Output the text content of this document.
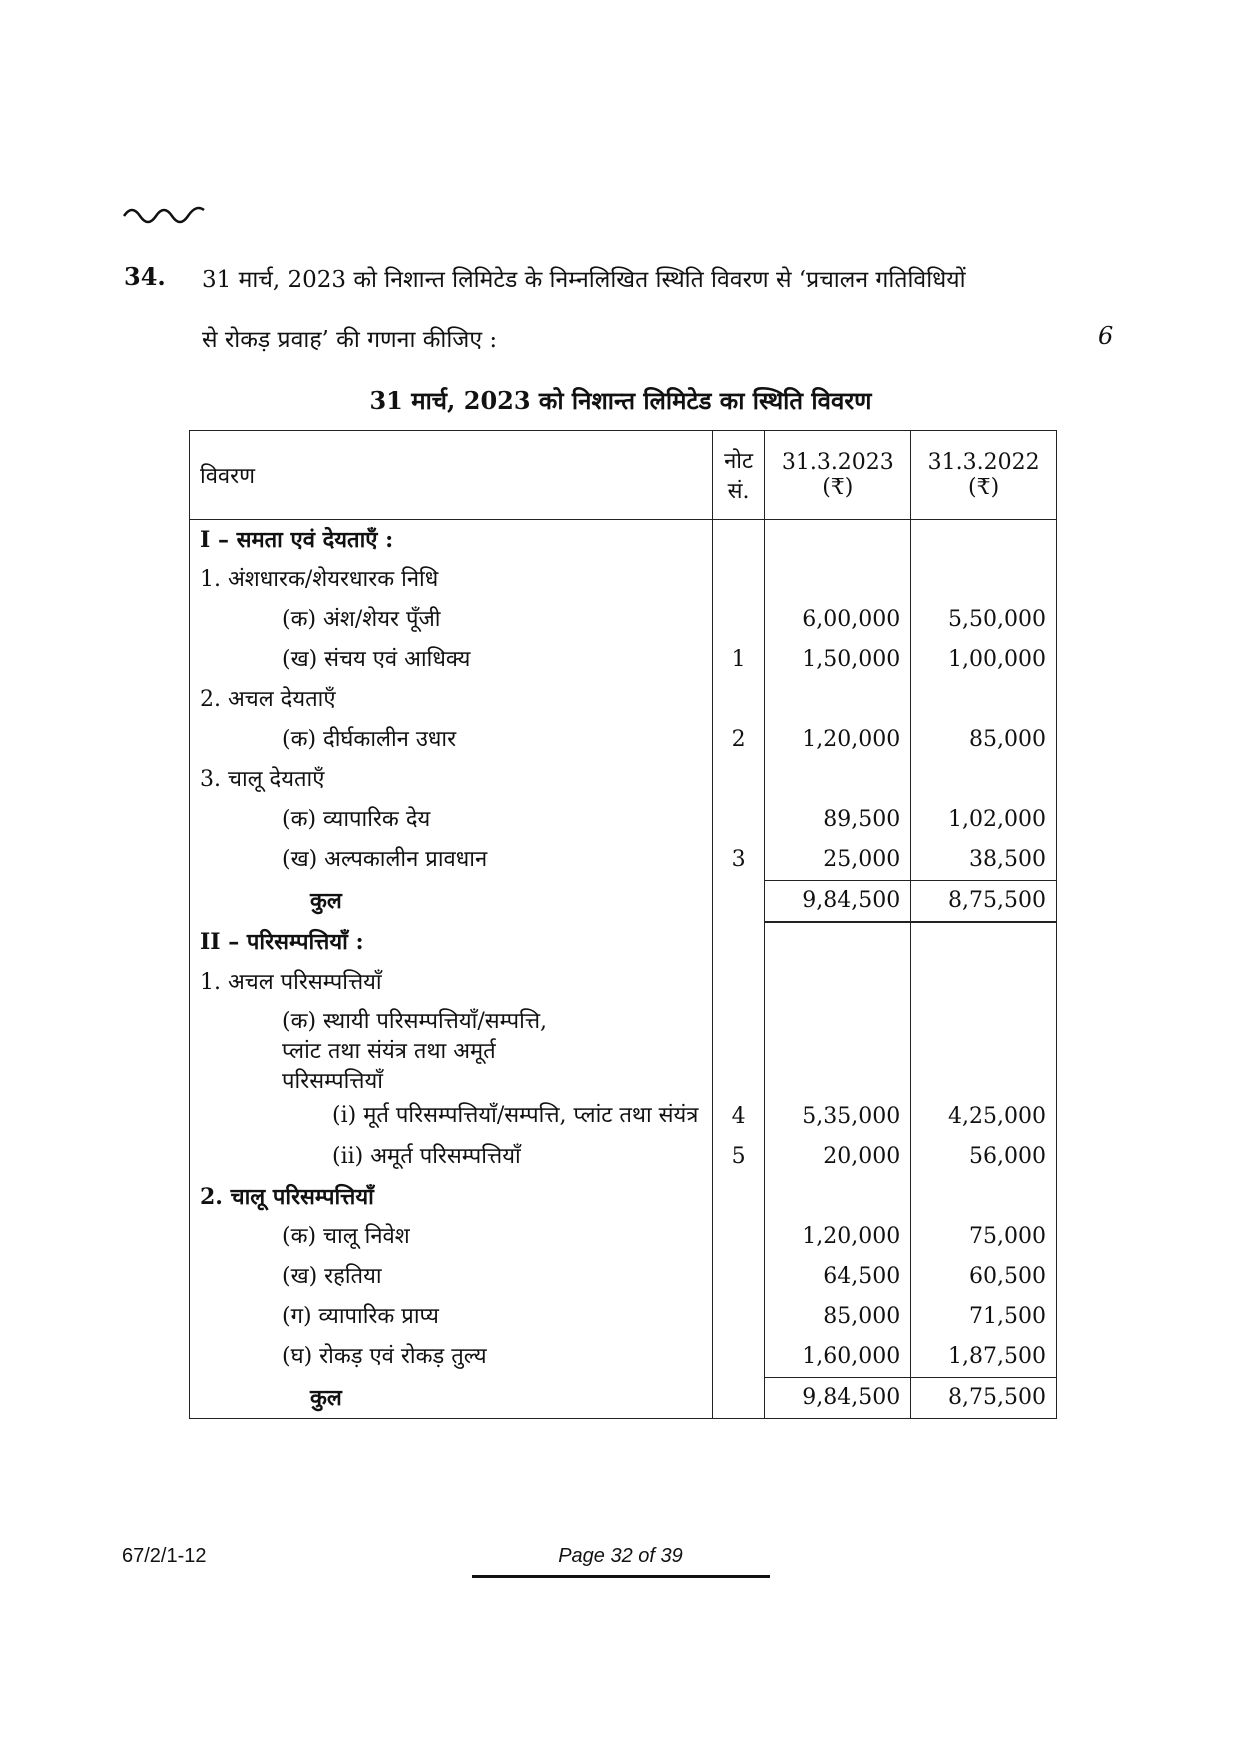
34. 31 मार्च, 2023 को निशान्त लिमिटेड के निम्नलिखित स्थिति विवरण से ‘प्रचालन गतिविधियों
से रोकड़ प्रवाह’ की गणना कीजिए :	6
31 मार्च, 2023 को निशान्त लिमिटेड का स्थिति विवरण
विवरण	नोट सं.	31.3.2023 (₹)	31.3.2022 (₹)
I – समता एवं देयताएँ :			
1. अंशधारक/शेयरधारक निधि			
(क) अंश/शेयर पूँजी		6,00,000	5,50,000
(ख) संचय एवं आधिक्य	1	1,50,000	1,00,000
2. अचल देयताएँ			
(क) दीर्घकालीन उधार	2	1,20,000	85,000
3. चालू देयताएँ			
(क) व्यापारिक देय		89,500	1,02,000
(ख) अल्पकालीन प्रावधान	3	25,000	38,500
कुल		9,84,500	8,75,500
II – परिसम्पत्तियाँ :			
1. अचल परिसम्पत्तियाँ			
(क) स्थायी परिसम्पत्तियाँ/सम्पत्ति, प्लांट तथा संयंत्र तथा अमूर्त परिसम्पत्तियाँ			
(i) मूर्त परिसम्पत्तियाँ/सम्पत्ति, प्लांट तथा संयंत्र	4	5,35,000	4,25,000
(ii) अमूर्त परिसम्पत्तियाँ	5	20,000	56,000
2. चालू परिसम्पत्तियाँ			
(क) चालू निवेश		1,20,000	75,000
(ख) रहतिया		64,500	60,500
(ग) व्यापारिक प्राप्य		85,000	71,500
(घ) रोकड़ एवं रोकड़ तुल्य		1,60,000	1,87,500
कुल		9,84,500	8,75,500
67/2/1-12	Page 32 of 39
